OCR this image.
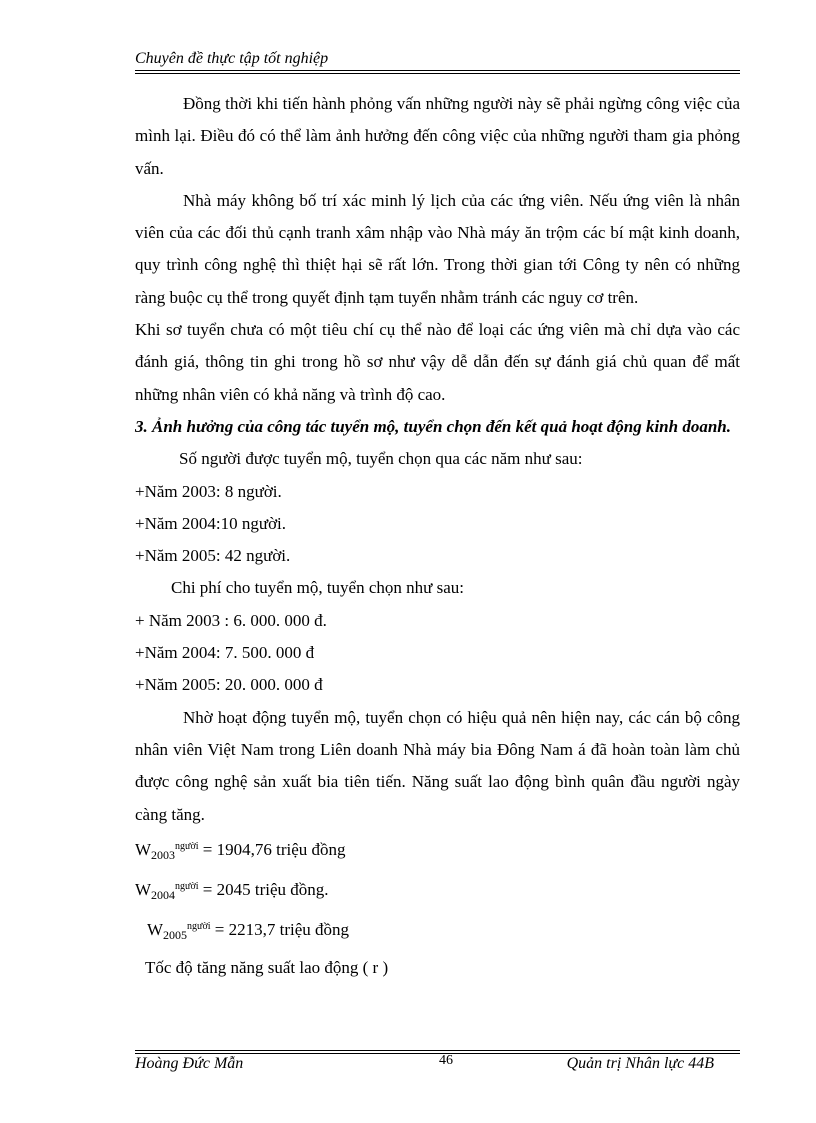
Chuyên đề thực tập tốt nghiệp

Đồng thời khi tiến hành phỏng vấn những người này sẽ phải ngừng công việc của mình lại. Điều đó có thể làm ảnh hưởng đến công việc của những người tham gia phỏng vấn.

Nhà máy không bố trí xác minh lý lịch của các ứng viên. Nếu ứng viên là nhân viên của các đối thủ cạnh tranh xâm nhập vào Nhà máy ăn trộm các bí mật kinh doanh, quy trình công nghệ thì thiệt hại sẽ rất lớn. Trong thời gian tới Công ty nên có những ràng buộc cụ thể trong quyết định tạm tuyển nhằm tránh các nguy cơ trên.

Khi sơ tuyển chưa có một tiêu chí cụ thể nào để loại các ứng viên mà chỉ dựa vào các đánh giá, thông tin ghi trong hồ sơ như vậy dễ dẫn đến sự đánh giá chủ quan để mất những nhân viên có khả năng và trình độ cao.

3. Ảnh hưởng của công tác tuyển mộ, tuyển chọn đến kết quả hoạt động kinh doanh.

Số người được tuyển mộ, tuyển chọn qua các năm như sau:

+Năm 2003: 8 người.

+Năm 2004:10 người.

+Năm 2005: 42 người.

Chi phí cho tuyển mộ, tuyển chọn như sau:

+ Năm 2003 : 6. 000. 000 đ.

+Năm 2004: 7. 500. 000 đ

+Năm 2005: 20. 000. 000 đ

Nhờ hoạt động tuyển mộ, tuyển chọn có hiệu quả nên hiện nay, các cán bộ công nhân viên Việt Nam trong Liên doanh Nhà máy bia Đông Nam á đã hoàn toàn làm chủ được công nghệ sản xuất bia tiên tiến. Năng suất lao động bình quân đầu người ngày càng tăng.

$W_{2003}^{người} = 1904,76$ triệu đồng

$W_{2004}^{người} = 2045$ triệu đồng.

$W_{2005}^{người} = 2213,7$ triệu đồng

Tốc độ tăng năng suất lao động ( r )

Hoàng Đức Mẫn	46	Quản trị Nhân lực 44B
